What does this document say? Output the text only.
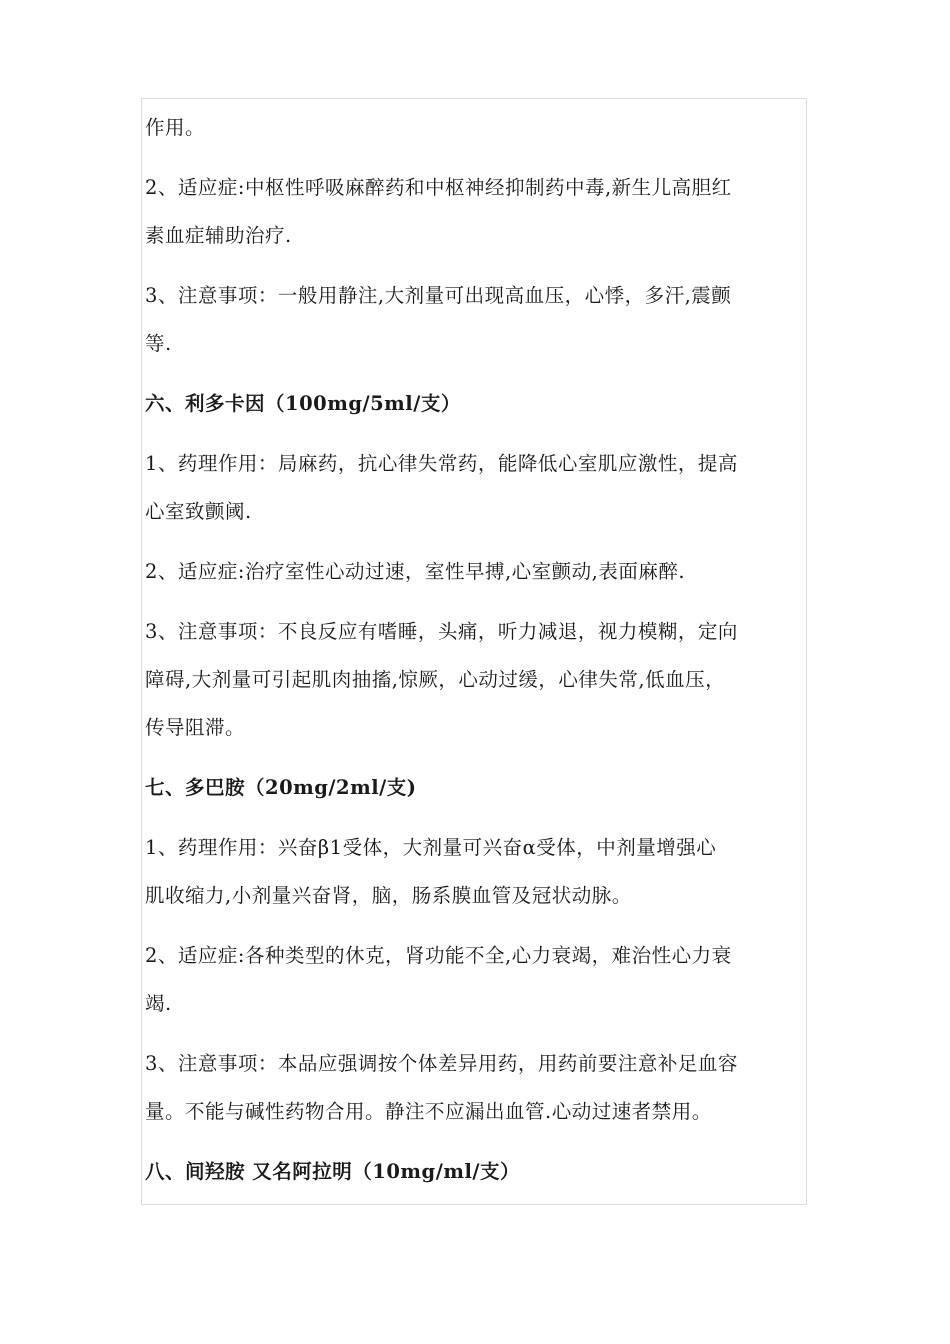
作用。
2、适应症:中枢性呼吸麻醉药和中枢神经抑制药中毒,新生儿高胆红
素血症辅助治疗.
3、注意事项：一般用静注,大剂量可出现高血压，心悸，多汗,震颤
等.
六、利多卡因（100mg/5ml/支）
1、药理作用：局麻药，抗心律失常药，能降低心室肌应激性，提高
心室致颤阈.
2、适应症:治疗室性心动过速，室性早搏,心室颤动,表面麻醉.
3、注意事项：不良反应有嗜睡，头痛，听力减退，视力模糊，定向
障碍,大剂量可引起肌肉抽搐,惊厥，心动过缓，心律失常,低血压，
传导阻滞。
七、多巴胺（20mg/2ml/支)
1、药理作用：兴奋β1受体，大剂量可兴奋α受体，中剂量增强心
肌收缩力,小剂量兴奋肾，脑，肠系膜血管及冠状动脉。
2、适应症:各种类型的休克，肾功能不全,心力衰竭，难治性心力衰
竭.
3、注意事项：本品应强调按个体差异用药，用药前要注意补足血容
量。不能与碱性药物合用。静注不应漏出血管.心动过速者禁用。
八、间羟胺 又名阿拉明（10mg/ml/支）
